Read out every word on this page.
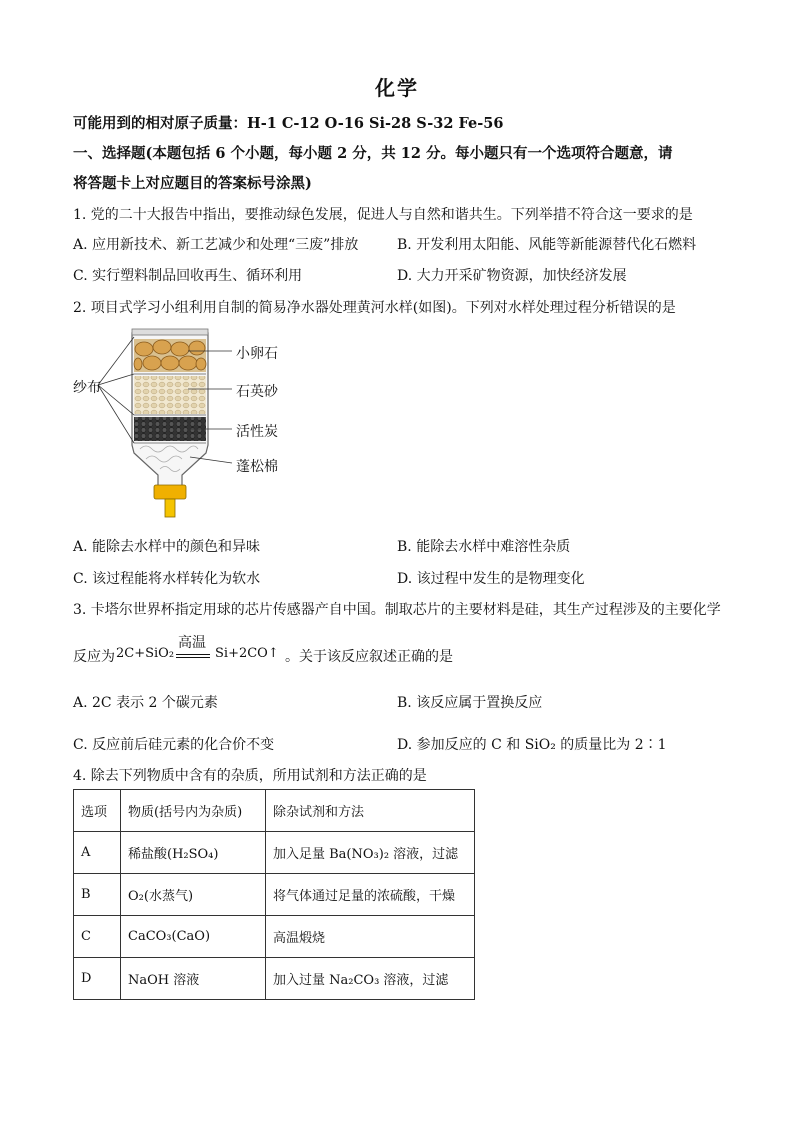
化学
可能用到的相对原子质量：H-1 C-12 O-16 Si-28 S-32 Fe-56
一、选择题(本题包括 6 个小题，每小题 2 分，共 12 分。每小题只有一个选项符合题意，请
将答题卡上对应题目的答案标号涂黑)
1. 党的二十大报告中指出，要推动绿色发展，促进人与自然和谐共生。下列举措不符合这一要求的是
A. 应用新技术、新工艺减少和处理“三废”排放	B. 开发利用太阳能、风能等新能源替代化石燃料
C. 实行塑料制品回收再生、循环利用	D. 大力开采矿物资源，加快经济发展
2. 项目式学习小组利用自制的简易净水器处理黄河水样(如图)。下列对水样处理过程分析错误的是
纱布
小卵石
石英砂
活性炭
蓬松棉
A. 能除去水样中的颜色和异味	B. 能除去水样中难溶性杂质
C. 该过程能将水样转化为软水	D. 该过程中发生的是物理变化
3. 卡塔尔世界杯指定用球的芯片传感器产自中国。制取芯片的主要材料是硅，其生产过程涉及的主要化学
反应为 2C+SiO₂
高温
Si+2CO↑ 。关于该反应叙述正确的是
A. 2C 表示 2 个碳元素	B. 该反应属于置换反应
C. 反应前后硅元素的化合价不变	D. 参加反应的 C 和 SiO₂ 的质量比为 2∶1
4. 除去下列物质中含有的杂质，所用试剂和方法正确的是
选项	物质(括号内为杂质)	除杂试剂和方法
A	稀盐酸(H₂SO₄)	加入足量 Ba(NO₃)₂ 溶液，过滤
B	O₂(水蒸气)	将气体通过足量的浓硫酸，干燥
C	CaCO₃(CaO)	高温煅烧
D	NaOH 溶液	加入过量 Na₂CO₃ 溶液，过滤
